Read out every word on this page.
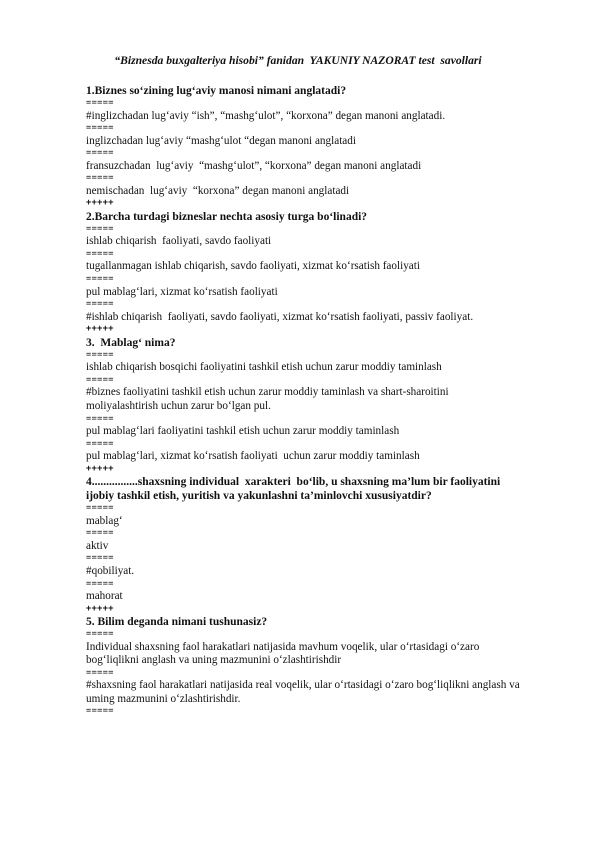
“Biznesda buxgalteriya hisobi” fanidan  YAKUNIY NAZORAT test  savollari
1.Biznes so‘zining lug‘aviy manosi nimani anglatadi?
=====
#inglizchadan lug‘aviy “ish”, “mashg‘ulot”, “korxona” degan manoni anglatadi.
=====
inglizchadan lug‘aviy “mashg‘ulot “degan manoni anglatadi
=====
fransuzchadan  lug‘aviy  “mashg‘ulot”, “korxona” degan manoni anglatadi
=====
nemischadan  lug‘aviy  “korxona” degan manoni anglatadi
+++++
2.Barcha turdagi bizneslar nechta asosiy turga bo‘linadi?
=====
ishlab chiqarish  faoliyati, savdo faoliyati
=====
tugallanmagan ishlab chiqarish, savdo faoliyati, xizmat ko‘rsatish faoliyati
=====
pul mablag‘lari, xizmat ko‘rsatish faoliyati
=====
#ishlab chiqarish  faoliyati, savdo faoliyati, xizmat ko‘rsatish faoliyati, passiv faoliyat.
+++++
3.  Mablag‘ nima?
=====
ishlab chiqarish bosqichi faoliyatini tashkil etish uchun zarur moddiy taminlash
=====
#biznes faoliyatini tashkil etish uchun zarur moddiy taminlash va shart-sharoitini
moliyalashtirish uchun zarur bo‘lgan pul.
=====
pul mablag‘lari faoliyatini tashkil etish uchun zarur moddiy taminlash
=====
pul mablag‘lari, xizmat ko‘rsatish faoliyati  uchun zarur moddiy taminlash
+++++
4................shaxsning individual  xarakteri  bo‘lib, u shaxsning ma’lum bir faoliyatini
ijobiy tashkil etish, yuritish va yakunlashni ta’minlovchi xususiyatdir?
=====
mablag‘
=====
aktiv
=====
#qobiliyat.
=====
mahorat
+++++
5. Bilim deganda nimani tushunasiz?
=====
Individual shaxsning faol harakatlari natijasida mavhum voqelik, ular o‘rtasidagi o‘zaro
bog‘liqlikni anglash va uning mazmunini o‘zlashtirishdir
=====
#shaxsning faol harakatlari natijasida real voqelik, ular o‘rtasidagi o‘zaro bog‘liqlikni anglash va
uming mazmunini o‘zlashtirishdir.
=====
